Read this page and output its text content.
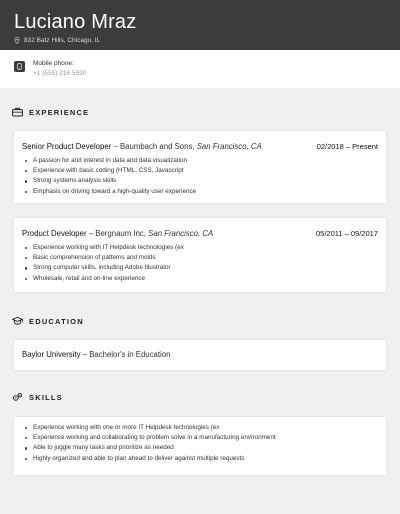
Luciano Mraz
832 Batz Hills, Chicago, IL
Mobile phone:
+1 (555) 216 5590
EXPERIENCE
Senior Product Developer – Baumbach and Sons, San Francisco, CA	02/2018 – Present
A passion for and interest in data and data visualization
Experience with basic coding (HTML, CSS, Javascript
Strong systems analysis skills
Emphasis on driving toward a high-quality user experience
Product Developer – Bergnaum Inc, San Francisco, CA	05/2011 – 09/2017
Experience working with IT Helpdesk technologies (ex
Basic comprehension of patterns and molds
Strong computer skills, including Adobe Illustrator
Wholesale, retail and on-line experience
EDUCATION
Baylor University – Bachelor's in Education
SKILLS
Experience working with one or more IT Helpdesk technologies (ex
Experience working and collaborating to problem solve in a manufacturing environment
Able to juggle many tasks and prioritize as needed
Highly organized and able to plan ahead to deliver against multiple requests
